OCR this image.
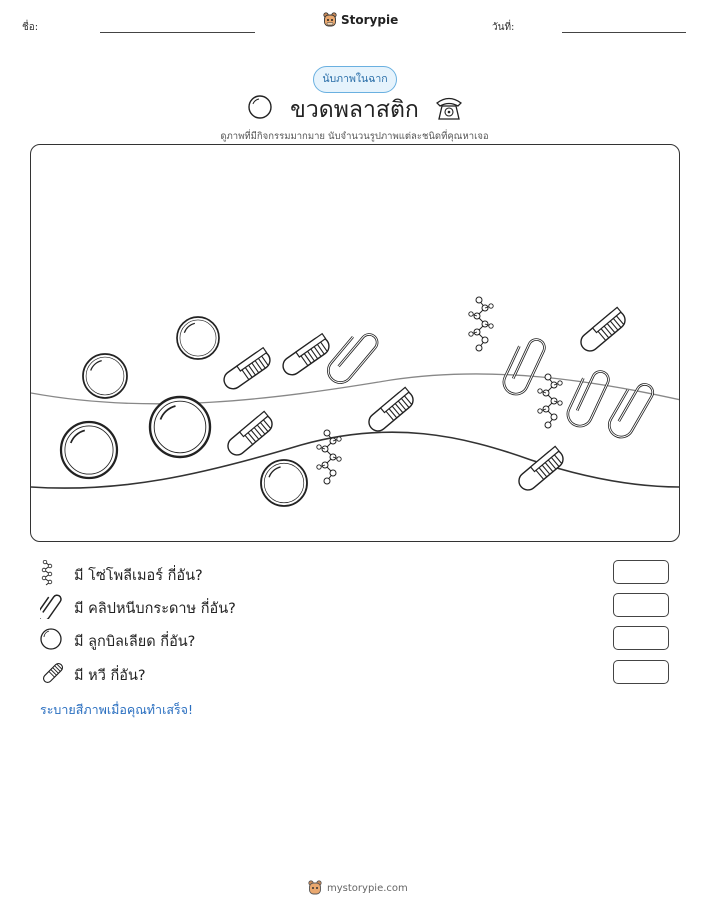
ชื่อ:
Storypie
วันที่:
นับภาพในฉาก
ขวดพลาสติก
ดูภาพที่มีกิจกรรมมากมาย นับจำนวนรูปภาพแต่ละชนิดที่คุณหาเจอ
มี โซ่โพลีเมอร์ กี่อัน?
มี คลิปหนีบกระดาษ กี่อัน?
มี ลูกบิลเลียด กี่อัน?
มี หวี กี่อัน?
ระบายสีภาพเมื่อคุณทำเสร็จ!
mystorypie.com
